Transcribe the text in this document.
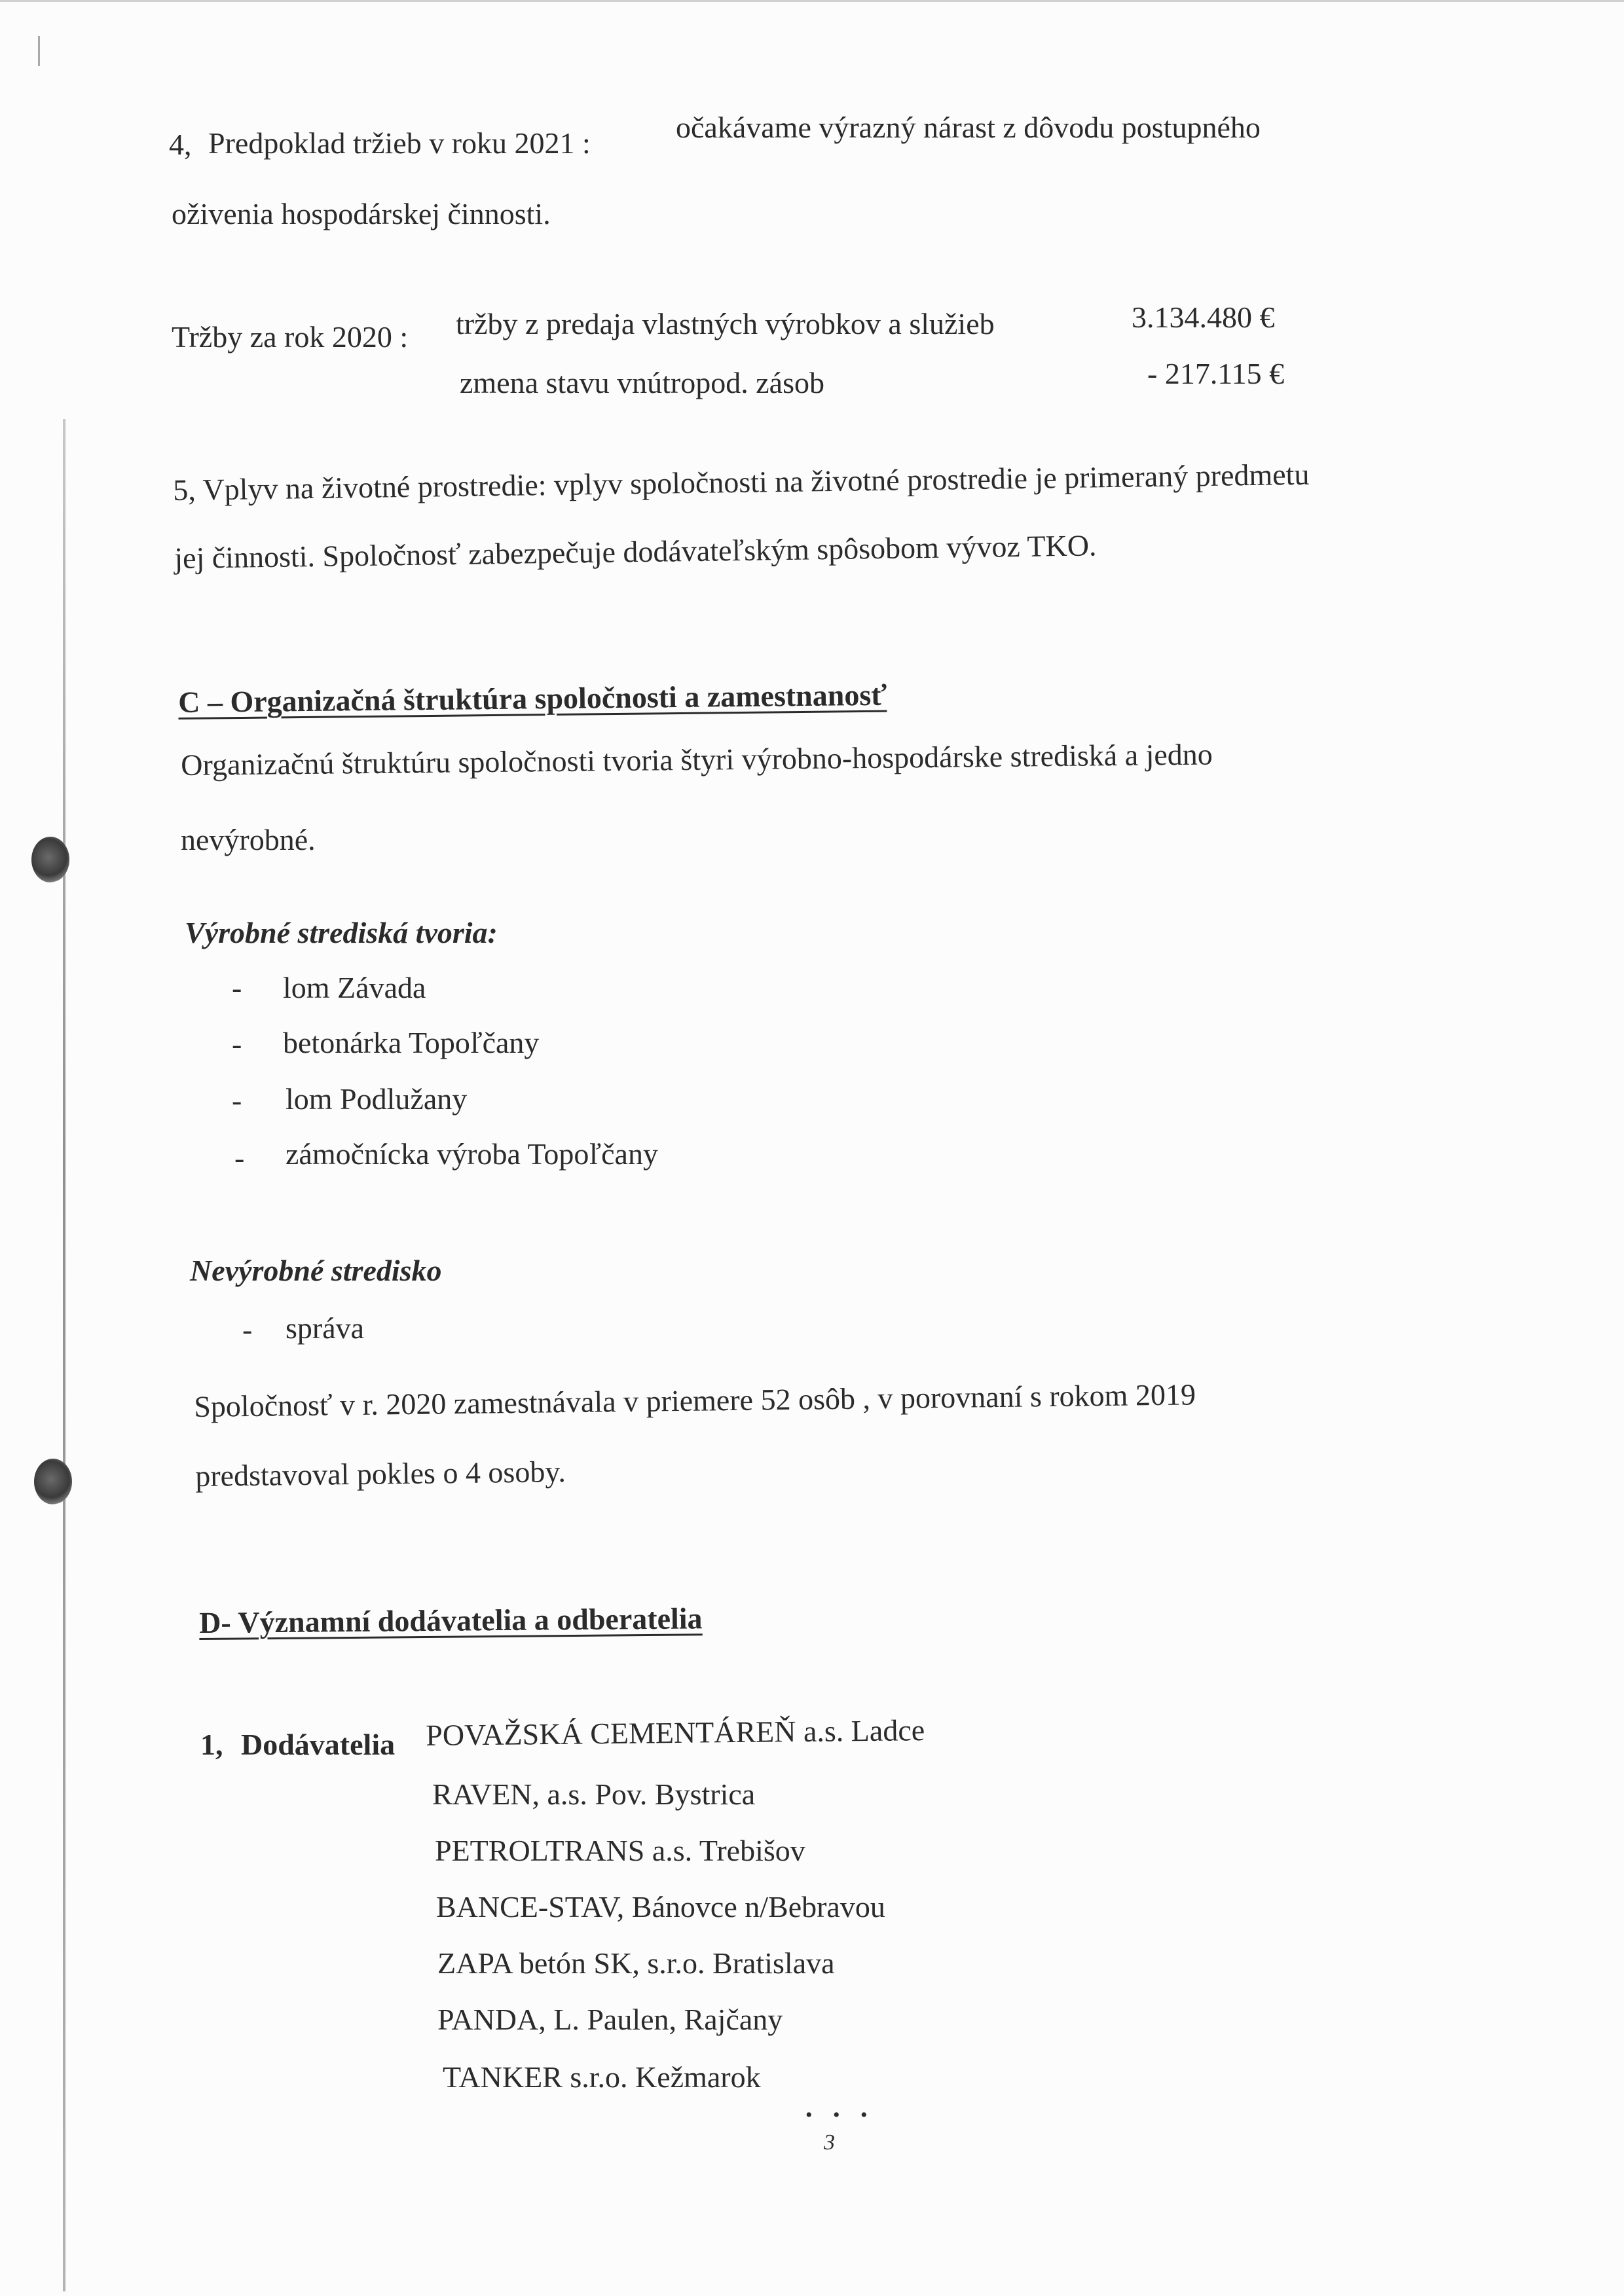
4, Predpoklad tržieb v roku 2021 :	očakávame výrazný nárast z dôvodu postupného
oživenia hospodárskej činnosti.
Tržby za rok 2020 : tržby z predaja vlastných výrobkov a služieb	3.134.480 €
zmena stavu vnútropod. zásob	- 217.115 €
5, Vplyv na životné prostredie: vplyv spoločnosti na životné prostredie je primeraný predmetu
jej činnosti. Spoločnosť zabezpečuje dodávateľským spôsobom vývoz TKO.
C – Organizačná štruktúra spoločnosti a zamestnanosť
Organizačnú štruktúru spoločnosti tvoria štyri výrobno-hospodárske strediská a jedno
nevýrobné.
Výrobné strediská tvoria:
- lom Závada
- betonárka Topoľčany
- lom Podlužany
- zámočnícka výroba Topoľčany
Nevýrobné stredisko
- správa
Spoločnosť v r. 2020 zamestnávala v priemere 52 osôb , v porovnaní s rokom 2019
predstavoval pokles o 4 osoby.
D- Významní dodávatelia a odberatelia
1, Dodávatelia POVAŽSKÁ CEMENTÁREŇ a.s. Ladce
RAVEN, a.s. Pov. Bystrica
PETROLTRANS a.s. Trebišov
BANCE-STAV, Bánovce n/Bebravou
ZAPA betón SK, s.r.o. Bratislava
PANDA, L. Paulen, Rajčany
TANKER s.r.o. Kežmarok
• • •
3
